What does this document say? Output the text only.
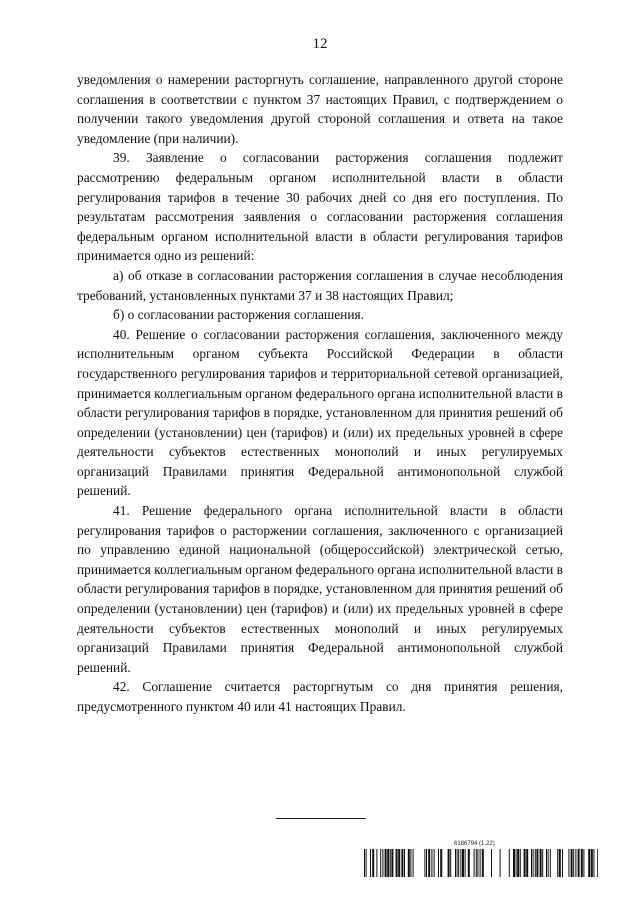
12

уведомления о намерении расторгнуть соглашение, направленного другой стороне соглашения в соответствии с пунктом 37 настоящих Правил, с подтверждением о получении такого уведомления другой стороной соглашения и ответа на такое уведомление (при наличии).

39. Заявление о согласовании расторжения соглашения подлежит рассмотрению федеральным органом исполнительной власти в области регулирования тарифов в течение 30 рабочих дней со дня его поступления. По результатам рассмотрения заявления о согласовании расторжения соглашения федеральным органом исполнительной власти в области регулирования тарифов принимается одно из решений:

а) об отказе в согласовании расторжения соглашения в случае несоблюдения требований, установленных пунктами 37 и 38 настоящих Правил;

б) о согласовании расторжения соглашения.

40. Решение о согласовании расторжения соглашения, заключенного между исполнительным органом субъекта Российской Федерации в области государственного регулирования тарифов и территориальной сетевой организацией, принимается коллегиальным органом федерального органа исполнительной власти в области регулирования тарифов в порядке, установленном для принятия решений об определении (установлении) цен (тарифов) и (или) их предельных уровней в сфере деятельности субъектов естественных монополий и иных регулируемых организаций Правилами принятия Федеральной антимонопольной службой решений.

41. Решение федерального органа исполнительной власти в области регулирования тарифов о расторжении соглашения, заключенного с организацией по управлению единой национальной (общероссийской) электрической сетью, принимается коллегиальным органом федерального органа исполнительной власти в области регулирования тарифов в порядке, установленном для принятия решений об определении (установлении) цен (тарифов) и (или) их предельных уровней в сфере деятельности субъектов естественных монополий и иных регулируемых организаций Правилами принятия Федеральной антимонопольной службой решений.

42. Соглашение считается расторгнутым со дня принятия решения, предусмотренного пунктом 40 или 41 настоящих Правил.

6186794 (1.22)
